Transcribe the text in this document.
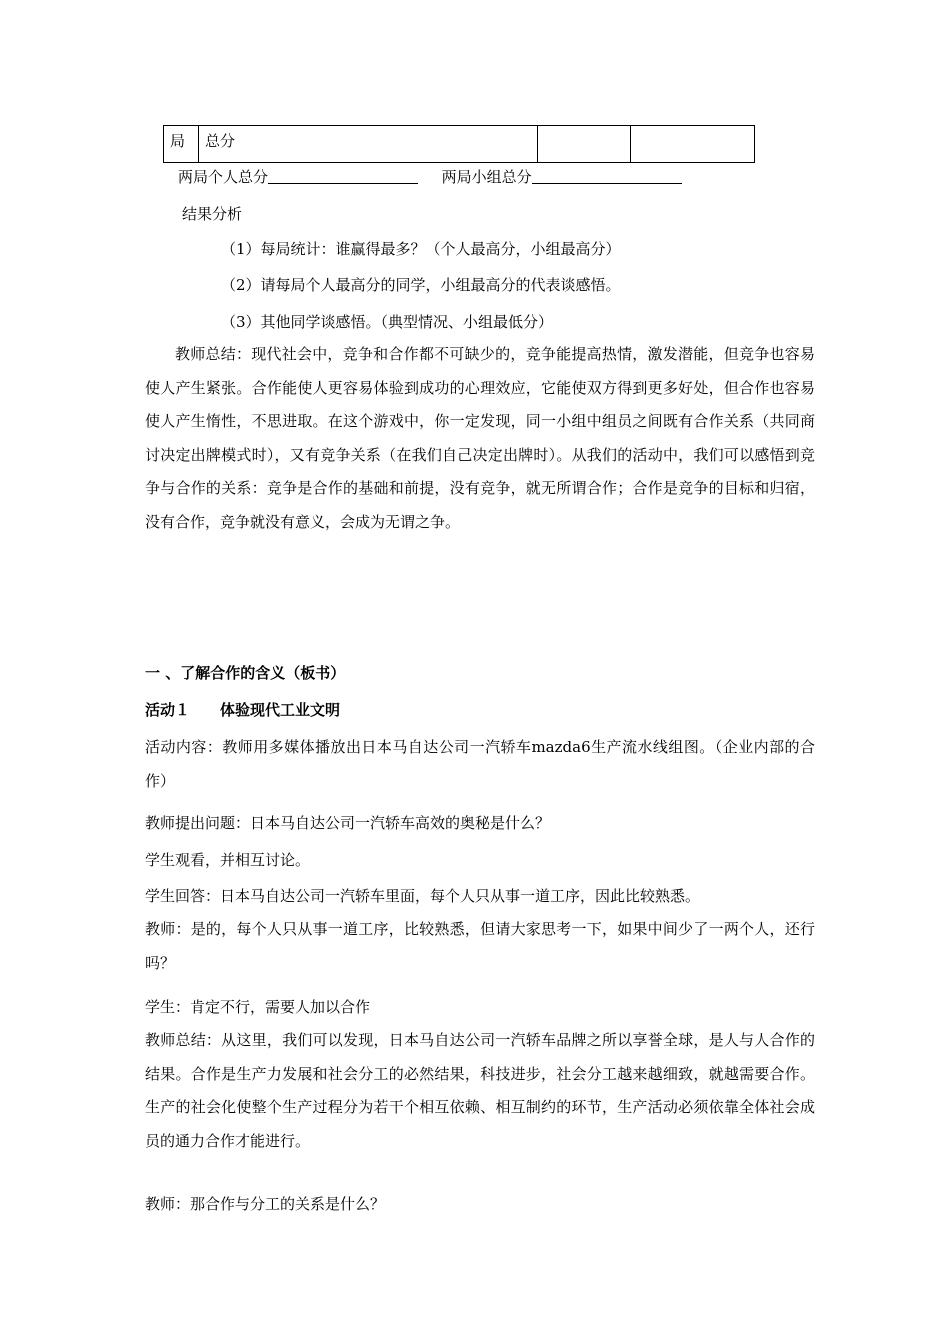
局	总分		
两局个人总分	两局小组总分
结果分析
（1）每局统计：谁赢得最多？（个人最高分，小组最高分）
（2）请每局个人最高分的同学，小组最高分的代表谈感悟。
（3）其他同学谈感悟。（典型情况、小组最低分）
教师总结：现代社会中，竞争和合作都不可缺少的，竞争能提高热情，激发潜能，但竞争也容易使人产生紧张。合作能使人更容易体验到成功的心理效应，它能使双方得到更多好处，但合作也容易使人产生惰性，不思进取。在这个游戏中，你一定发现，同一小组中组员之间既有合作关系（共同商讨决定出牌模式时），又有竞争关系（在我们自己决定出牌时）。从我们的活动中，我们可以感悟到竞争与合作的关系：竞争是合作的基础和前提，没有竞争，就无所谓合作；合作是竞争的目标和归宿，没有合作，竞争就没有意义，会成为无谓之争。
一 、了解合作的含义（板书）
活动１　　体验现代工业文明
活动内容：教师用多媒体播放出日本马自达公司一汽轿车mazda6生产流水线组图。（企业内部的合作）
教师提出问题：日本马自达公司一汽轿车高效的奥秘是什么？
学生观看，并相互讨论。
学生回答：日本马自达公司一汽轿车里面，每个人只从事一道工序，因此比较熟悉。
教师：是的，每个人只从事一道工序，比较熟悉，但请大家思考一下，如果中间少了一两个人，还行吗？
学生：肯定不行，需要人加以合作
教师总结：从这里，我们可以发现，日本马自达公司一汽轿车品牌之所以享誉全球，是人与人合作的结果。合作是生产力发展和社会分工的必然结果，科技进步，社会分工越来越细致，就越需要合作。生产的社会化使整个生产过程分为若干个相互依赖、相互制约的环节，生产活动必须依靠全体社会成员的通力合作才能进行。
教师：那合作与分工的关系是什么？
